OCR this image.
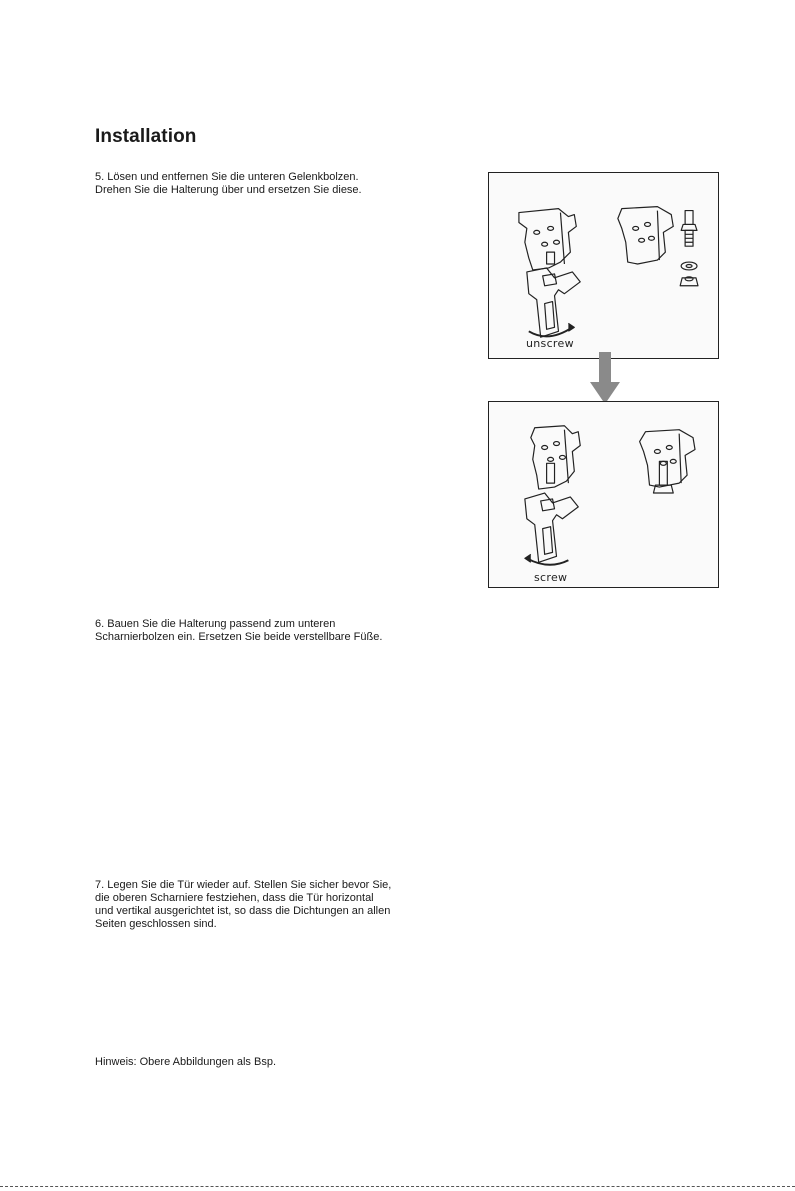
Installation

5. Lösen und entfernen Sie die unteren Gelenkbolzen.
Drehen Sie die Halterung über und ersetzen Sie diese.

unscrew
screw

6. Bauen Sie die Halterung passend zum unteren
Scharnierbolzen ein. Ersetzen Sie beide verstellbare Füße.

7. Legen Sie die Tür wieder auf. Stellen Sie sicher bevor Sie,
die oberen Scharniere festziehen, dass die Tür horizontal
und vertikal ausgerichtet ist, so dass die Dichtungen an allen
Seiten geschlossen sind.

Hinweis: Obere Abbildungen als Bsp.
